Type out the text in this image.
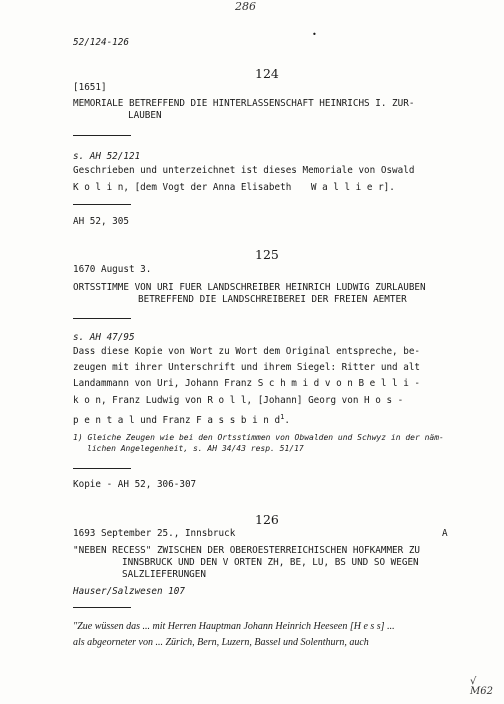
286
•
52/124-126
124
[1651]
MEMORIALE BETREFFEND DIE HINTERLASSENSCHAFT HEINRICHS I. ZUR-
LAUBEN
s. AH 52/121
Geschrieben und unterzeichnet ist dieses Memoriale von Oswald
K o l i n, [dem Vogt der Anna Elisabeth W a l l i e r].
AH 52, 305
125
1670 August 3.
ORTSSTIMME VON URI FUER LANDSCHREIBER HEINRICH LUDWIG ZURLAUBEN
BETREFFEND DIE LANDSCHREIBEREI DER FREIEN AEMTER
s. AH 47/95
Dass diese Kopie von Wort zu Wort dem Original entspreche, be-
zeugen mit ihrer Unterschrift und ihrem Siegel: Ritter und alt
Landammann von Uri, Johann Franz S c h m i d v o n B e l l i -
k o n, Franz Ludwig von R o l l, [Johann] Georg von H o s -
p e n t a l und Franz F a s s b i n $d^1$.
1) Gleiche Zeugen wie bei den Ortsstimmen von Obwalden und Schwyz in der näm-
lichen Angelegenheit, s. AH 34/43 resp. 51/17
Kopie - AH 52, 306-307
126
1693 September 25., Innsbruck	A
"NEBEN RECESS" ZWISCHEN DER OBEROESTERREICHISCHEN HOFKAMMER ZU
INNSBRUCK UND DEN V ORTEN ZH, BE, LU, BS UND SO WEGEN
SALZLIEFERUNGEN
Hauser/Salzwesen 107
"Zue wüssen das ... mit Herren Hauptman Johann Heinrich Heeseen [H e s s] ...
als abgeorneter von ... Zürich, Bern, Luzern, Bassel und Solenthurn, auch
√ M62
